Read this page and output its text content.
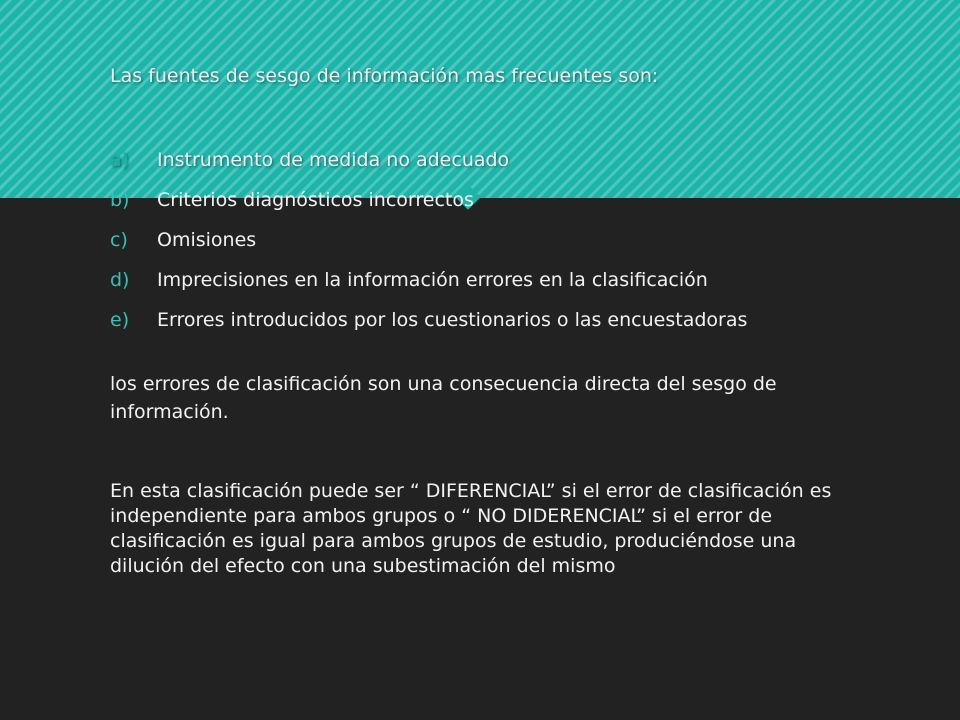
Las fuentes de sesgo de información mas frecuentes son:
a)	Instrumento de medida no adecuado
b)	Criterios diagnósticos incorrectos
c)	Omisiones
d)	Imprecisiones en la información errores en la clasificación
e)	Errores introducidos por los cuestionarios o las encuestadoras

los errores de clasificación son una consecuencia directa del sesgo de información.

En esta clasificación puede ser “ DIFERENCIAL” si el error de clasificación es independiente para ambos grupos o “ NO DIDERENCIAL” si el error de clasificación es igual para ambos grupos de estudio, produciéndose una dilución del efecto con una subestimación del mismo
